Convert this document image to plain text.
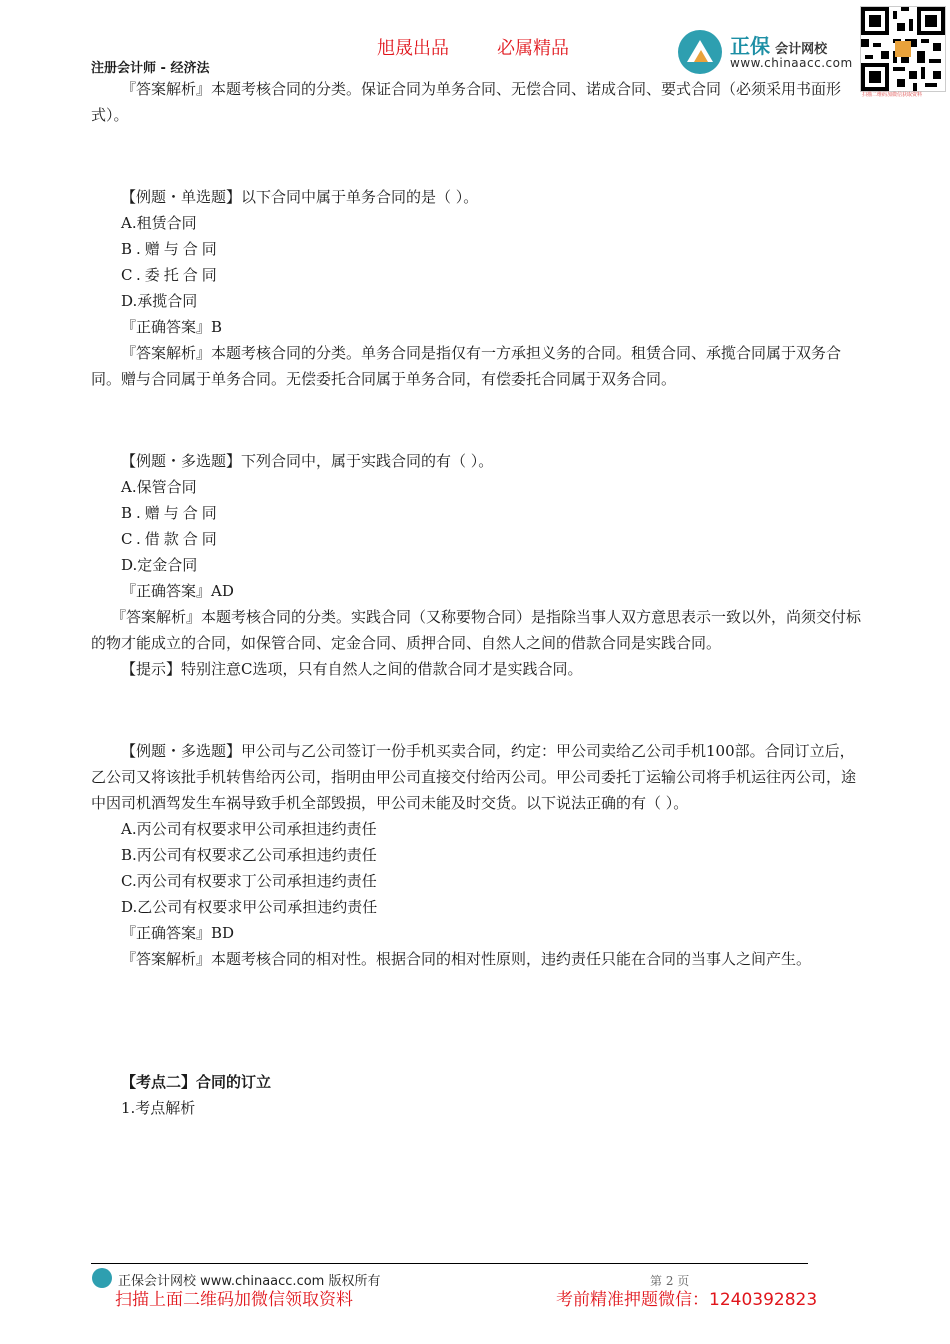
旭晟出品	必属精品
注册会计师 - 经济法
正保 会计网校
www.chinaacc.com
扫描二维码加微信获取资料

『答案解析』本题考核合同的分类。保证合同为单务合同、无偿合同、诺成合同、要式合同（必须采用书面形式）。

【例题・单选题】以下合同中属于单务合同的是（ ）。

A.租赁合同

B.赠与合同

C.委托合同

D.承揽合同

『正确答案』B

『答案解析』本题考核合同的分类。单务合同是指仅有一方承担义务的合同。租赁合同、承揽合同属于双务合同。赠与合同属于单务合同。无偿委托合同属于单务合同，有偿委托合同属于双务合同。

【例题・多选题】下列合同中，属于实践合同的有（ ）。

A.保管合同

B.赠与合同

C.借款合同

D.定金合同

『正确答案』AD

『答案解析』本题考核合同的分类。实践合同（又称要物合同）是指除当事人双方意思表示一致以外，尚须交付标的物才能成立的合同，如保管合同、定金合同、质押合同、自然人之间的借款合同是实践合同。

【提示】特别注意C选项，只有自然人之间的借款合同才是实践合同。

【例题・多选题】甲公司与乙公司签订一份手机买卖合同，约定：甲公司卖给乙公司手机100部。合同订立后，乙公司又将该批手机转售给丙公司，指明由甲公司直接交付给丙公司。甲公司委托丁运输公司将手机运往丙公司，途中因司机酒驾发生车祸导致手机全部毁损，甲公司未能及时交货。以下说法正确的有（ ）。

A.丙公司有权要求甲公司承担违约责任

B.丙公司有权要求乙公司承担违约责任

C.丙公司有权要求丁公司承担违约责任

D.乙公司有权要求甲公司承担违约责任

『正确答案』BD

『答案解析』本题考核合同的相对性。根据合同的相对性原则，违约责任只能在合同的当事人之间产生。

【考点二】合同的订立

1.考点解析

正保会计网校 www.chinaacc.com 版权所有	第 2 页
扫描上面二维码加微信领取资料	考前精准押题微信：1240392823
